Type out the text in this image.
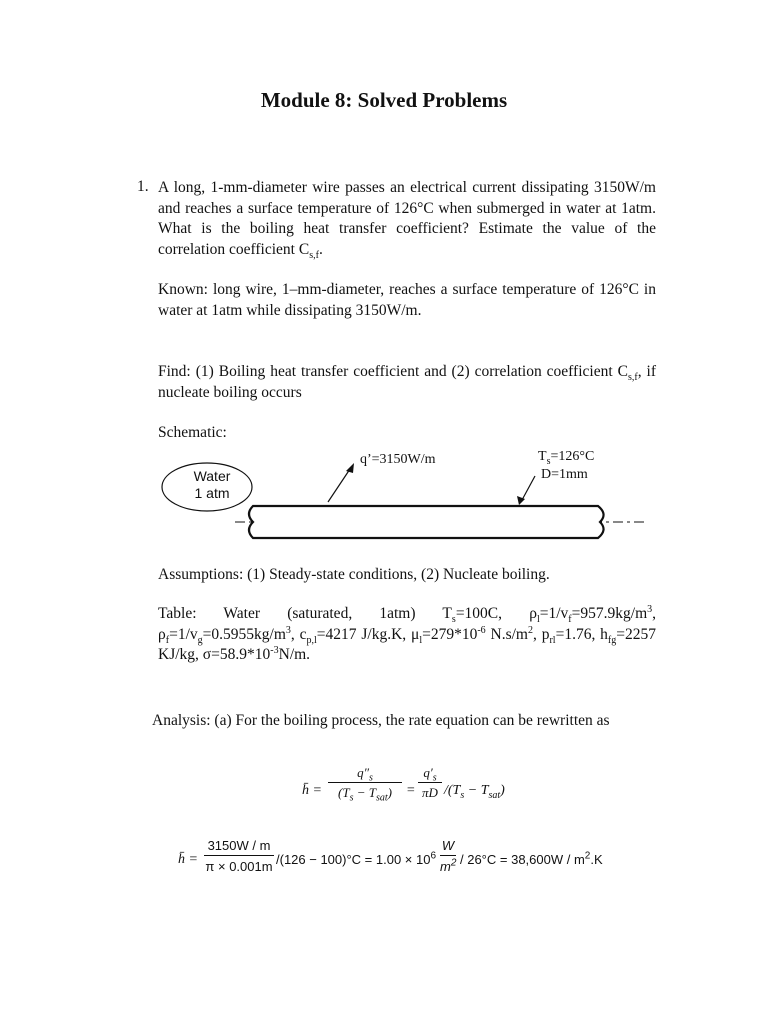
Module 8: Solved Problems
1. A long, 1-mm-diameter wire passes an electrical current dissipating 3150W/m and reaches a surface temperature of 126°C when submerged in water at 1atm. What is the boiling heat transfer coefficient? Estimate the value of the correlation coefficient $C_{s,f}$.
Known: long wire, 1–mm-diameter, reaches a surface temperature of 126°C in water at 1atm while dissipating 3150W/m.
Find: (1) Boiling heat transfer coefficient and (2) correlation coefficient $C_{s,f}$, if nucleate boiling occurs
Schematic:
Water
1 atm
q’=3150W/m	$T_s=126^\circ C$
D=1mm
Assumptions: (1) Steady-state conditions, (2) Nucleate boiling.
Table: Water (saturated, 1atm) $T_s=100C$, $\rho_l=1/v_f=957.9kg/m^3$, $\rho_f=1/v_g=0.5955kg/m^3$, $c_{p,l}=4217$ J/kg.K, $\mu_l=279*10^{-6}$ $N.s/m^2$, $p_{rl}=1.76$, $h_{fg}=2257$ KJ/kg, $\sigma=58.9*10^{-3}N/m$.
Analysis: (a) For the boiling process, the rate equation can be rewritten as
h̄ =
$q''_s$
$(T_s - T_{sat})$	=
$q'_s$
πD $/(T_s - T_{sat})$
h̄ = $\frac{3150W / m}{\pi \times 0.001m} /(126 - 100)^\circ C = 1.00 \times 10^6$
W
$m^2 / 26^\circ C = 38,600W / m^2.K$
